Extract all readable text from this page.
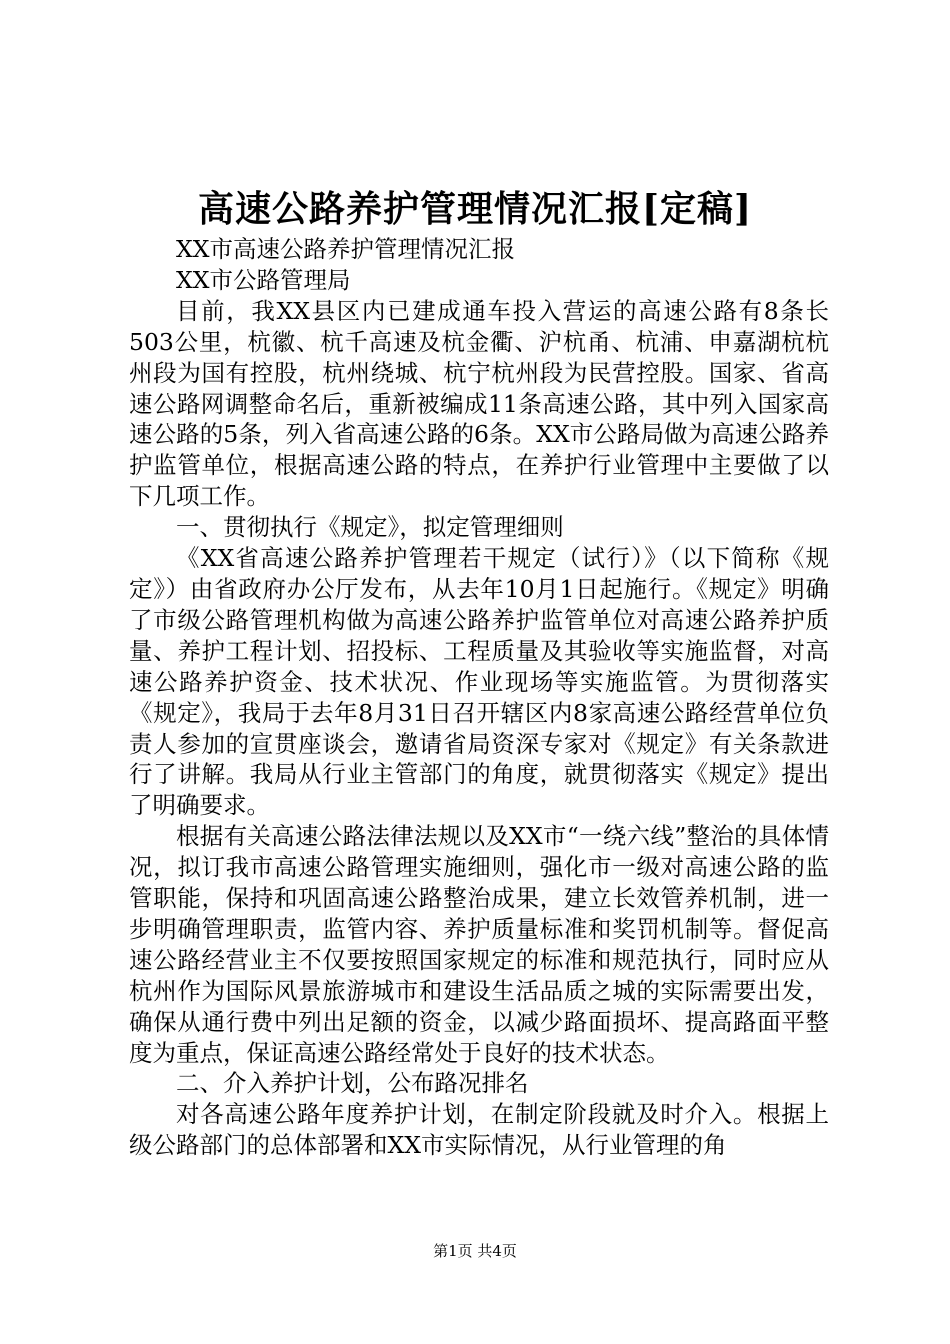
高速公路养护管理情况汇报[定稿]

XX市高速公路养护管理情况汇报

XX市公路管理局

目前，我XX县区内已建成通车投入营运的高速公路有8条长503公里，杭徽、杭千高速及杭金衢、沪杭甬、杭浦、申嘉湖杭杭州段为国有控股，杭州绕城、杭宁杭州段为民营控股。国家、省高速公路网调整命名后，重新被编成11条高速公路，其中列入国家高速公路的5条，列入省高速公路的6条。XX市公路局做为高速公路养护监管单位，根据高速公路的特点，在养护行业管理中主要做了以下几项工作。

一、贯彻执行《规定》，拟定管理细则

《XX省高速公路养护管理若干规定（试行）》（以下简称《规定》）由省政府办公厅发布，从去年10月1日起施行。《规定》明确了市级公路管理机构做为高速公路养护监管单位对高速公路养护质量、养护工程计划、招投标、工程质量及其验收等实施监督，对高速公路养护资金、技术状况、作业现场等实施监管。为贯彻落实《规定》，我局于去年8月31日召开辖区内8家高速公路经营单位负责人参加的宣贯座谈会，邀请省局资深专家对《规定》有关条款进行了讲解。我局从行业主管部门的角度，就贯彻落实《规定》提出了明确要求。

根据有关高速公路法律法规以及XX市“一绕六线”整治的具体情况，拟订我市高速公路管理实施细则，强化市一级对高速公路的监管职能，保持和巩固高速公路整治成果，建立长效管养机制，进一步明确管理职责，监管内容、养护质量标准和奖罚机制等。督促高速公路经营业主不仅要按照国家规定的标准和规范执行，同时应从杭州作为国际风景旅游城市和建设生活品质之城的实际需要出发，确保从通行费中列出足额的资金，以减少路面损坏、提高路面平整度为重点，保证高速公路经常处于良好的技术状态。

二、介入养护计划，公布路况排名

对各高速公路年度养护计划，在制定阶段就及时介入。根据上级公路部门的总体部署和XX市实际情况，从行业管理的角

第1页 共4页
